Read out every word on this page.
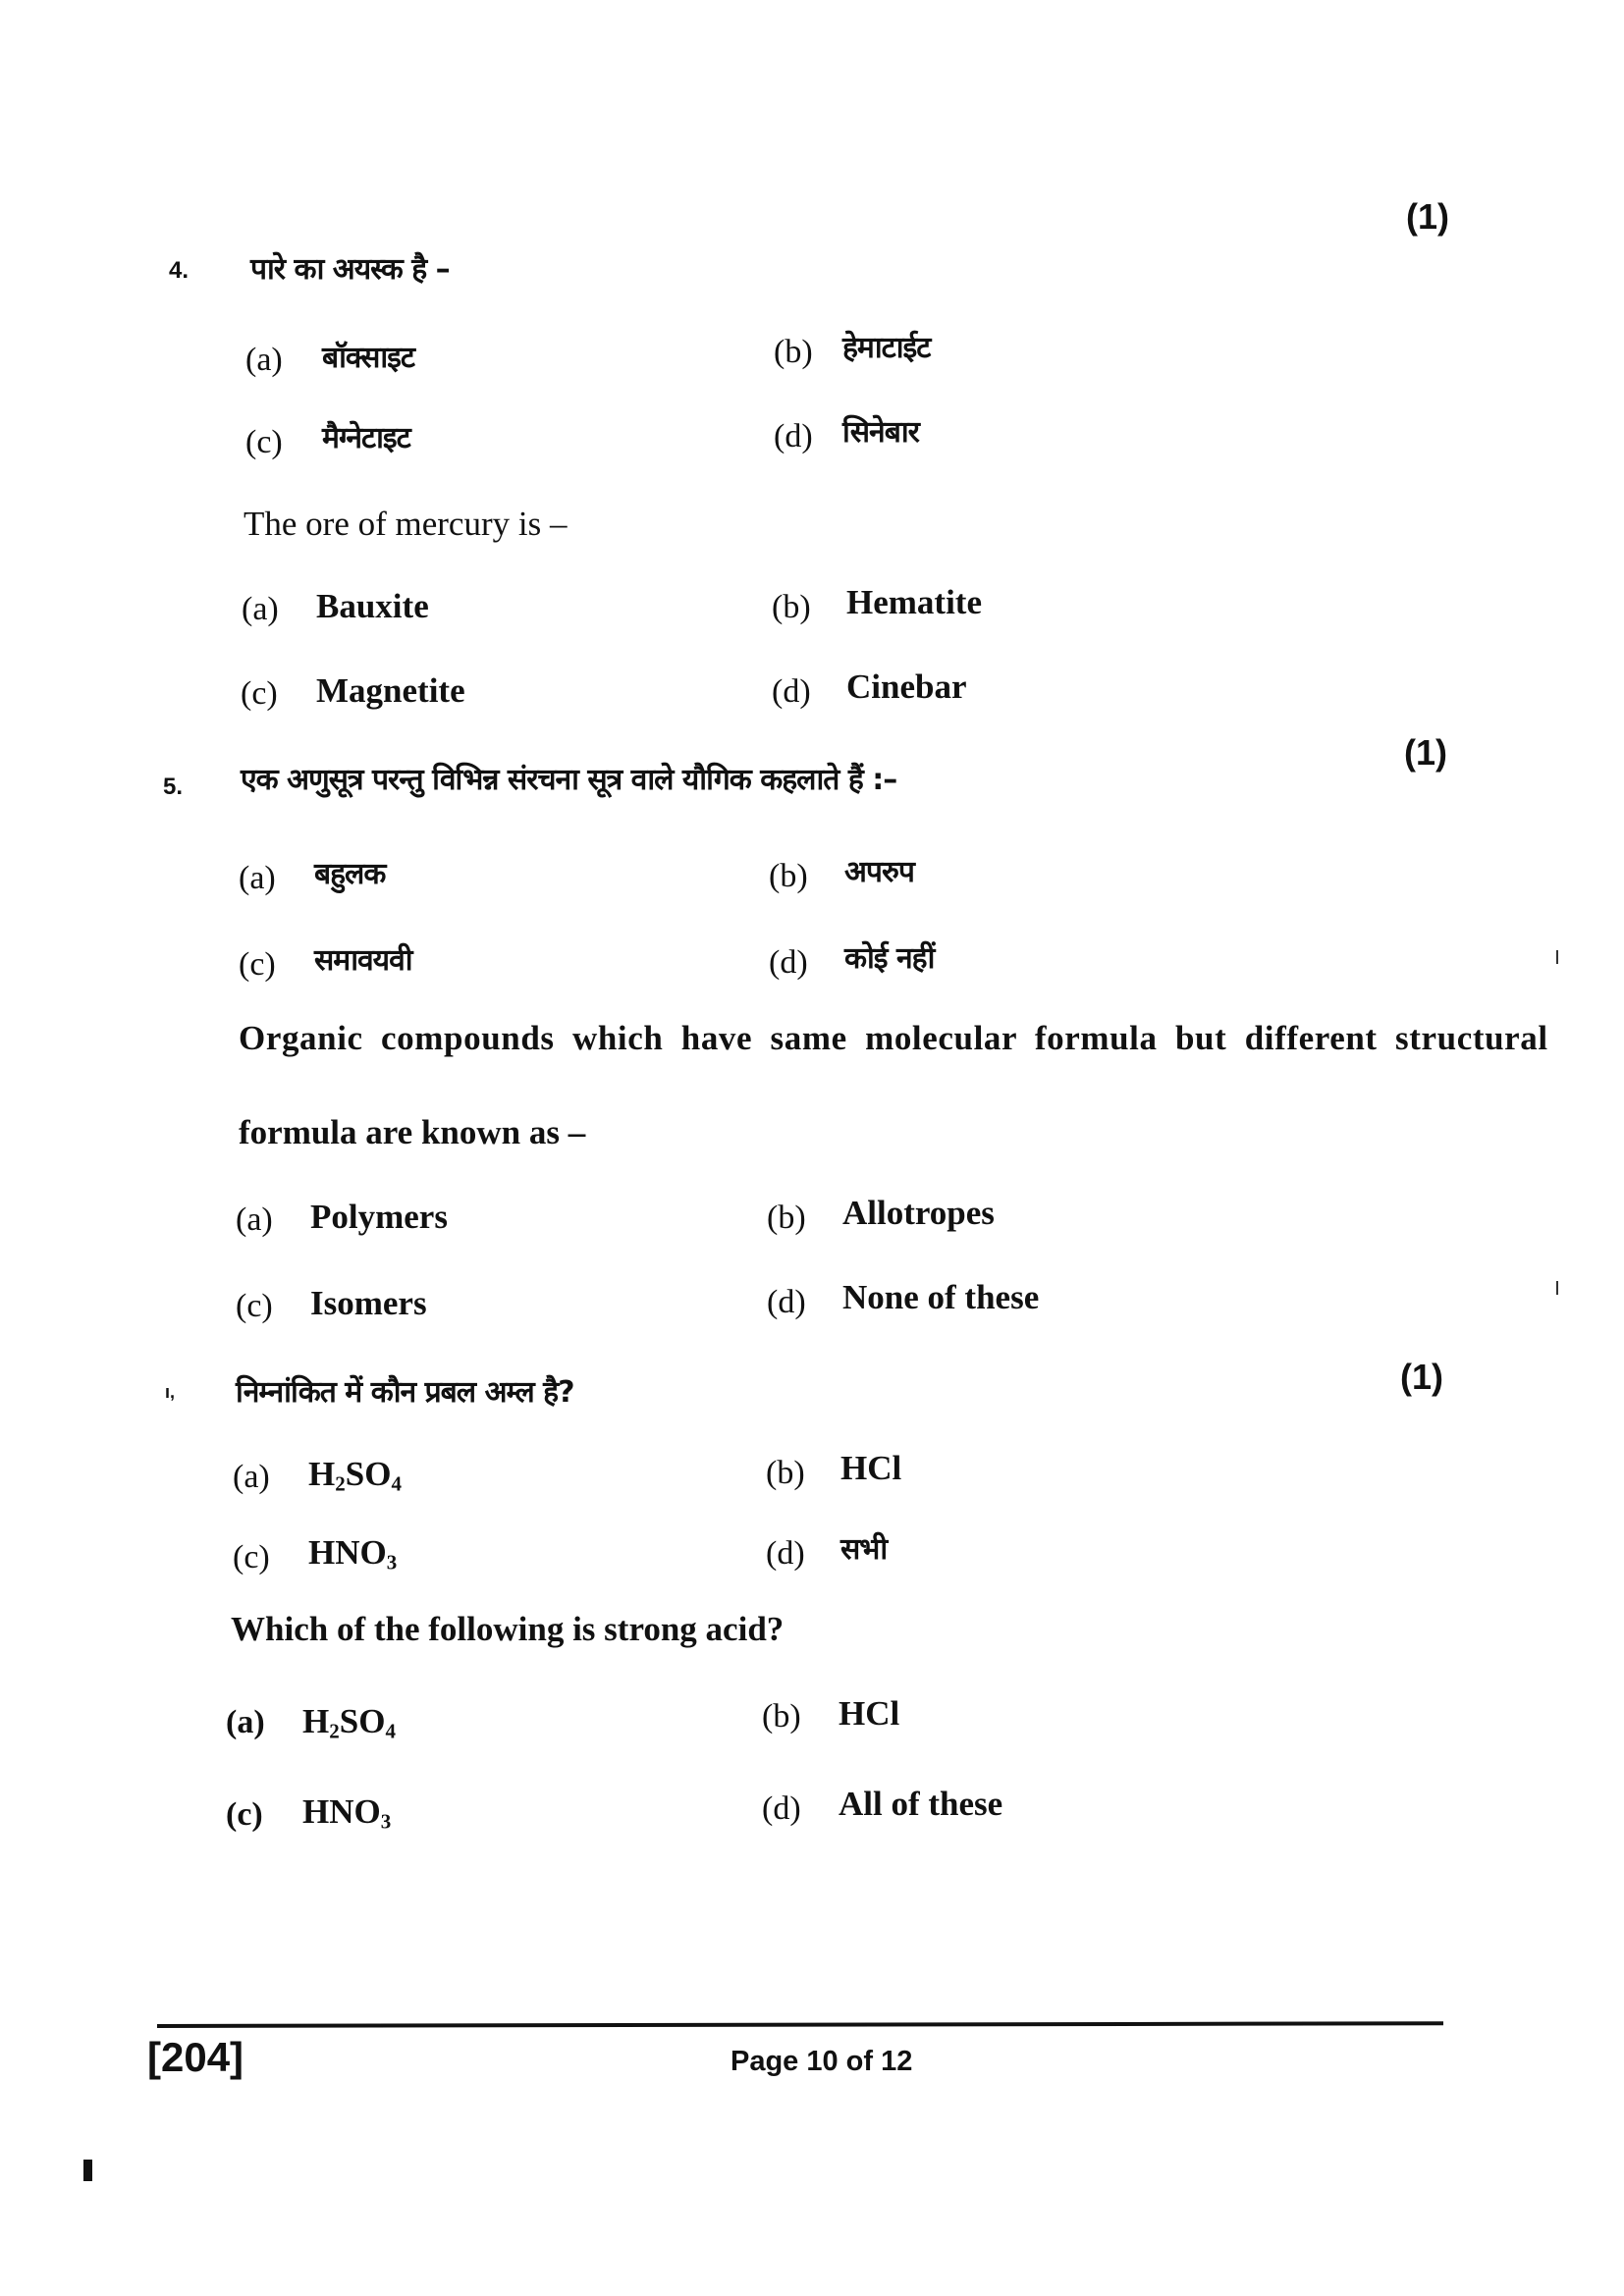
(1)
4. पारे का अयस्क है –
(a) बॉक्साइट	(b) हेमाटाईट
(c) मैग्नेटाइट	(d) सिनेबार
The ore of mercury is –
(a) Bauxite	(b) Hematite
(c) Magnetite	(d) Cinebar
(1)
5. एक अणुसूत्र परन्तु विभिन्न संरचना सूत्र वाले यौगिक कहलाते हैं :–
(a) बहुलक	(b) अपरुप
(c) समावयवी	(d) कोई नहीं
Organic compounds which have same molecular formula but different structural
formula are known as –
(a) Polymers	(b) Allotropes
(c) Isomers	(d) None of these
(1)
ı, निम्नांकित में कौन प्रबल अम्ल है?
(a) $H_2SO_4$	(b) HCl
(c) $HNO_3$	(d) सभी
Which of the following is strong acid?
(a) $H_2SO_4$	(b) HCl
(c) $HNO_3$	(d) All of these
[204]	Page 10 of 12
